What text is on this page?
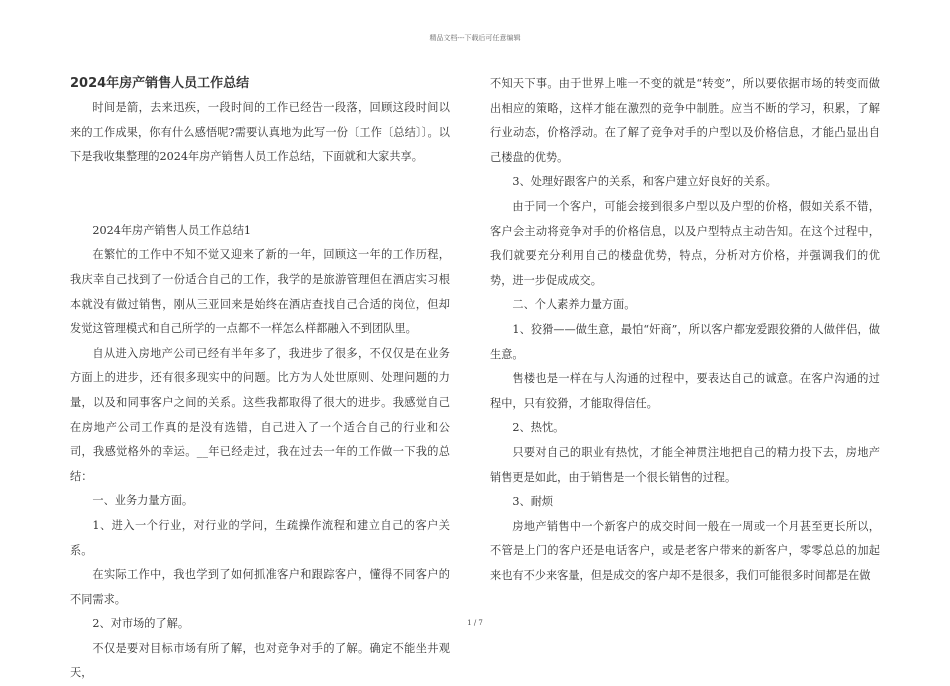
精品文档---下载后可任意编辑

2024年房产销售人员工作总结

时间是箭，去来迅疾，一段时间的工作已经告一段落，回顾这段时间以来的工作成果，你有什么感悟呢?需要认真地为此写一份〔工作〔总结〕〕。以下是我收集整理的2024年房产销售人员工作总结，下面就和大家共享。

2024年房产销售人员工作总结1

在繁忙的工作中不知不觉又迎来了新的一年，回顾这一年的工作历程，我庆幸自己找到了一份适合自己的工作，我学的是旅游管理但在酒店实习根本就没有做过销售，刚从三亚回来是始终在酒店查找自己合适的岗位，但却发觉这管理模式和自己所学的一点都不一样怎么样都融入不到团队里。

自从进入房地产公司已经有半年多了，我进步了很多，不仅仅是在业务方面上的进步，还有很多现实中的问题。比方为人处世原则、处理问题的力量，以及和同事客户之间的关系。这些我都取得了很大的进步。我感觉自己在房地产公司工作真的是没有选错，自己进入了一个适合自己的行业和公司，我感觉格外的幸运。__年已经走过，我在过去一年的工作做一下我的总结：

一、业务力量方面。

1、进入一个行业，对行业的学问，生疏操作流程和建立自己的客户关系。

在实际工作中，我也学到了如何抓准客户和跟踪客户，懂得不同客户的不同需求。

2、对市场的了解。

不仅是要对目标市场有所了解，也对竞争对手的了解。确定不能坐井观天，

不知天下事。由于世界上唯一不变的就是“转变”，所以要依据市场的转变而做出相应的策略，这样才能在激烈的竞争中制胜。应当不断的学习，积累，了解行业动态，价格浮动。在了解了竞争对手的户型以及价格信息，才能凸显出自己楼盘的优势。

3、处理好跟客户的关系，和客户建立好良好的关系。

由于同一个客户，可能会接到很多户型以及户型的价格，假如关系不错，客户会主动将竞争对手的价格信息，以及户型特点主动告知。在这个过程中，我们就要充分利用自己的楼盘优势，特点，分析对方价格，并强调我们的优势，进一步促成成交。

二、个人素养力量方面。

1、狡猾——做生意，最怕“奸商”，所以客户都宠爱跟狡猾的人做伴侣，做生意。

售楼也是一样在与人沟通的过程中，要表达自己的诚意。在客户沟通的过程中，只有狡猾，才能取得信任。

2、热忱。

只要对自己的职业有热忱，才能全神贯注地把自己的精力投下去，房地产销售更是如此，由于销售是一个很长销售的过程。

3、耐烦

房地产销售中一个新客户的成交时间一般在一周或一个月甚至更长所以，不管是上门的客户还是电话客户，或是老客户带来的新客户，零零总总的加起来也有不少来客量，但是成交的客户却不是很多，我们可能很多时间都是在做

1 / 7
